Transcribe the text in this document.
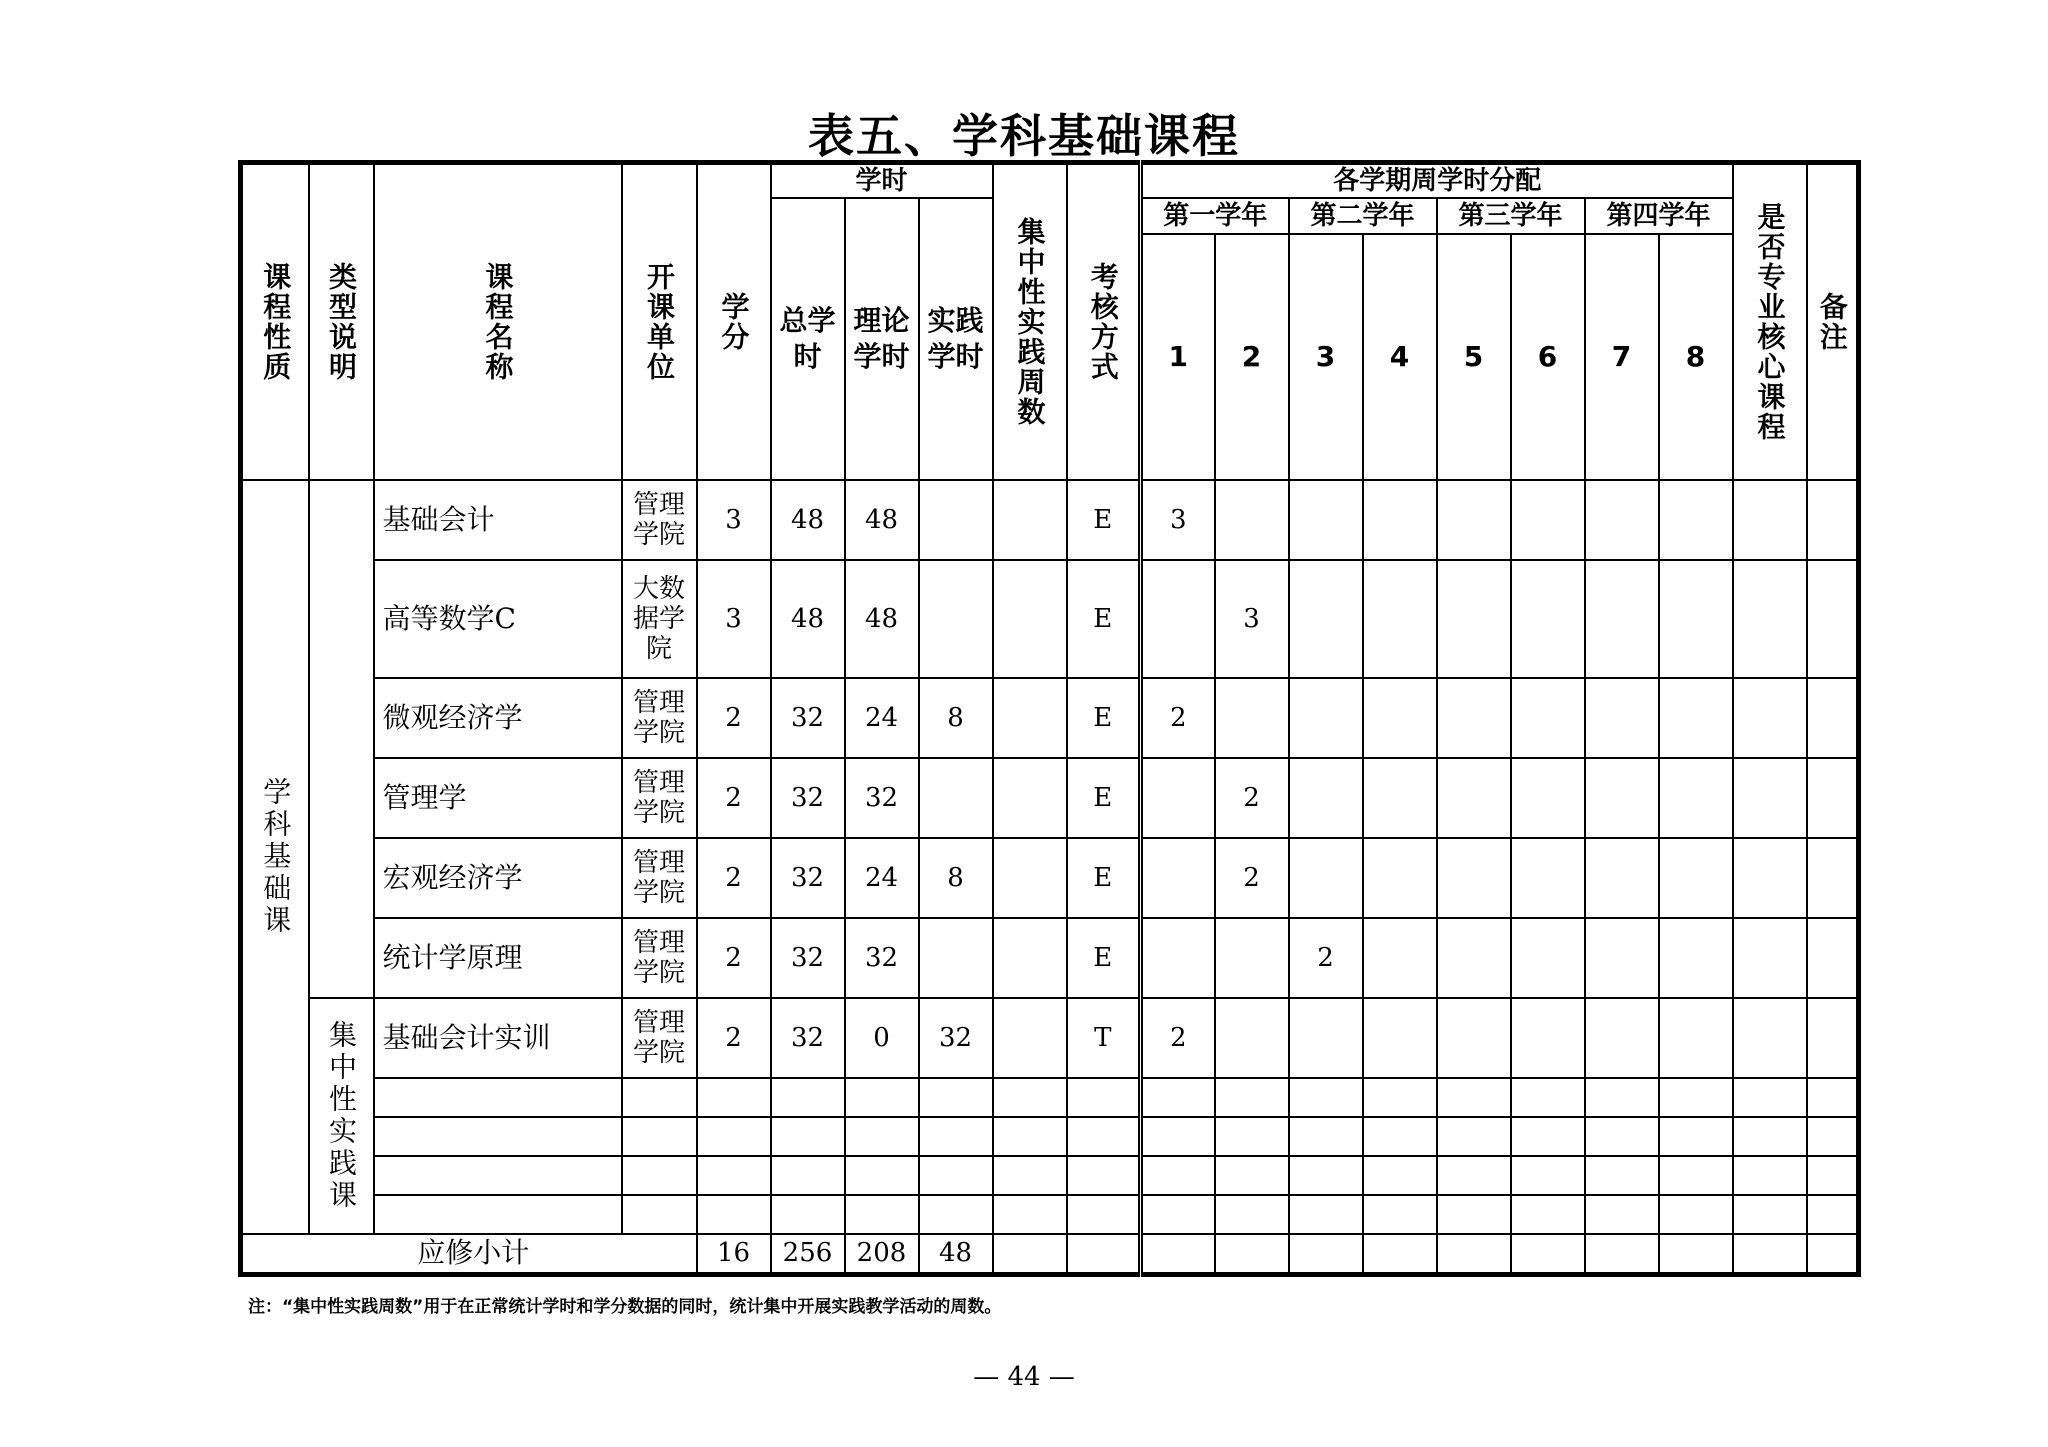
表五、学科基础课程
课程性质	类型说明	课程名称	开课单位	学分	学时			集中性实践周数	考核方式	各学期周学时分配								是否专业核心课程	备注
					总学时	理论学时	实践学时			第一学年		第二学年		第三学年		第四学年			
										1	2	3	4	5	6	7	8		
学科基础课		基础会计	管理学院	3	48	48			E	3									
		高等数学C	大数据学院	3	48	48			E		3								
		微观经济学	管理学院	2	32	24	8		E	2									
		管理学	管理学院	2	32	32			E		2								
		宏观经济学	管理学院	2	32	24	8		E		2								
		统计学原理	管理学院	2	32	32			E			2							
	集中性实践课	基础会计实训	管理学院	2	32	0	32		T	2									

应修小计				16	256	208	48												
注：“集中性实践周数”用于在正常统计学时和学分数据的同时，统计集中开展实践教学活动的周数。
— 44 —
